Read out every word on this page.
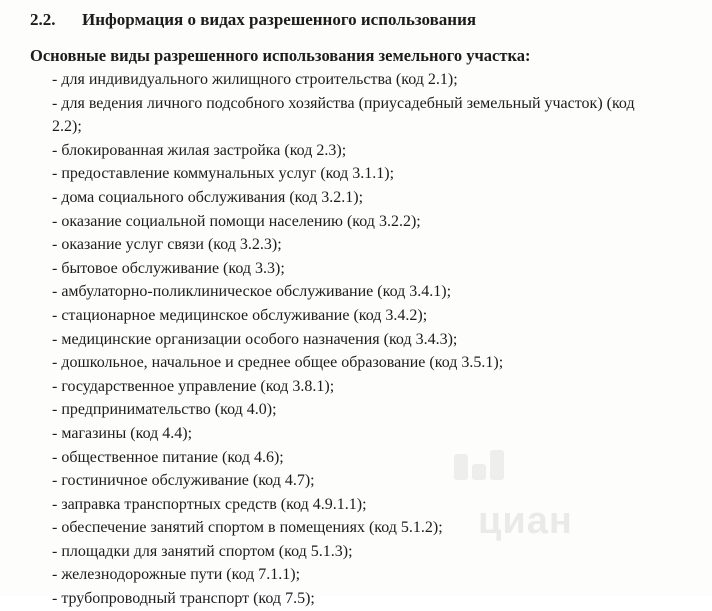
2.2. Информация о видах разрешенного использования
Основные виды разрешенного использования земельного участка:
- для индивидуального жилищного строительства (код 2.1);
- для ведения личного подсобного хозяйства (приусадебный земельный участок) (код
2.2);
- блокированная жилая застройка (код 2.3);
- предоставление коммунальных услуг (код 3.1.1);
- дома социального обслуживания (код 3.2.1);
- оказание социальной помощи населению (код 3.2.2);
- оказание услуг связи (код 3.2.3);
- бытовое обслуживание (код 3.3);
- амбулаторно-поликлиническое обслуживание (код 3.4.1);
- стационарное медицинское обслуживание (код 3.4.2);
- медицинские организации особого назначения (код 3.4.3);
- дошкольное, начальное и среднее общее образование (код 3.5.1);
- государственное управление (код 3.8.1);
- предпринимательство (код 4.0);
- магазины (код 4.4);
- общественное питание (код 4.6);
- гостиничное обслуживание (код 4.7);
- заправка транспортных средств (код 4.9.1.1);
- обеспечение занятий спортом в помещениях (код 5.1.2);
- площадки для занятий спортом (код 5.1.3);
- железнодорожные пути (код 7.1.1);
- трубопроводный транспорт (код 7.5);
циан
